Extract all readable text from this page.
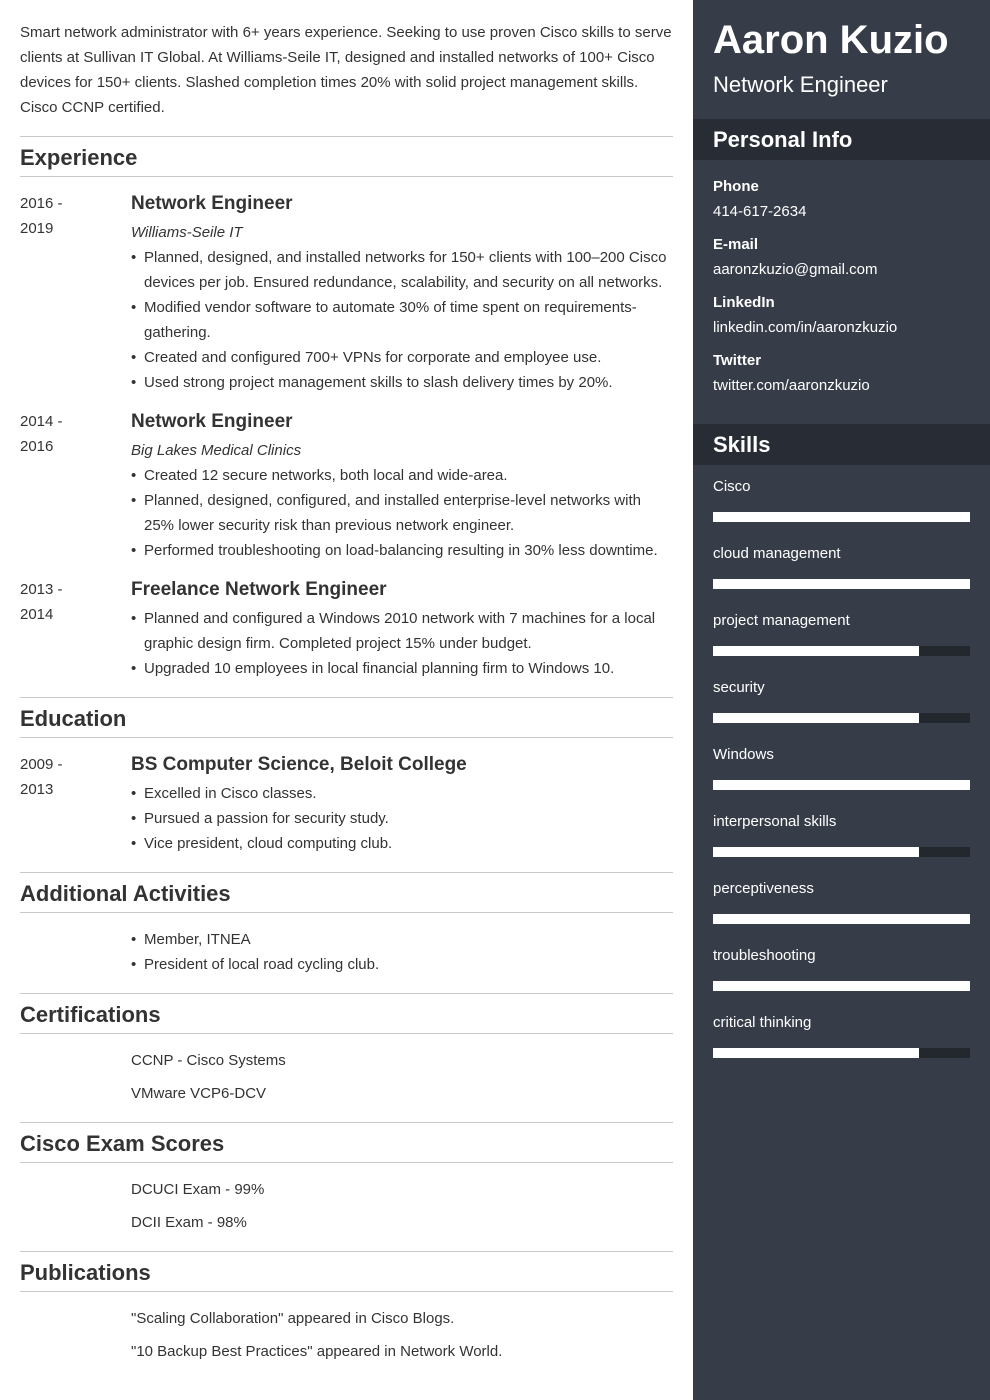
Smart network administrator with 6+ years experience. Seeking to use proven Cisco skills to serve clients at Sullivan IT Global. At Williams-Seile IT, designed and installed networks of 100+ Cisco devices for 150+ clients. Slashed completion times 20% with solid project management skills. Cisco CCNP certified.

Experience
2016 -
2019
Network Engineer
Williams-Seile IT
• Planned, designed, and installed networks for 150+ clients with 100–200 Cisco devices per job. Ensured redundance, scalability, and security on all networks.
• Modified vendor software to automate 30% of time spent on requirements-gathering.
• Created and configured 700+ VPNs for corporate and employee use.
• Used strong project management skills to slash delivery times by 20%.
2014 -
2016
Network Engineer
Big Lakes Medical Clinics
• Created 12 secure networks, both local and wide-area.
• Planned, designed, configured, and installed enterprise-level networks with 25% lower security risk than previous network engineer.
• Performed troubleshooting on load-balancing resulting in 30% less downtime.
2013 -
2014
Freelance Network Engineer
• Planned and configured a Windows 2010 network with 7 machines for a local graphic design firm. Completed project 15% under budget.
• Upgraded 10 employees in local financial planning firm to Windows 10.
Education
2009 -
2013
BS Computer Science, Beloit College
• Excelled in Cisco classes.
• Pursued a passion for security study.
• Vice president, cloud computing club.
Additional Activities
• Member, ITNEA
• President of local road cycling club.
Certifications
CCNP - Cisco Systems
VMware VCP6-DCV
Cisco Exam Scores
DCUCI Exam - 99%
DCII Exam - 98%
Publications
"Scaling Collaboration" appeared in Cisco Blogs.
"10 Backup Best Practices" appeared in Network World.
Aaron Kuzio
Network Engineer
Personal Info
Phone
414-617-2634
E-mail
aaronzkuzio@gmail.com
LinkedIn
linkedin.com/in/aaronzkuzio
Twitter
twitter.com/aaronzkuzio
Skills
Cisco
cloud management
project management
security
Windows
interpersonal skills
perceptiveness
troubleshooting
critical thinking
